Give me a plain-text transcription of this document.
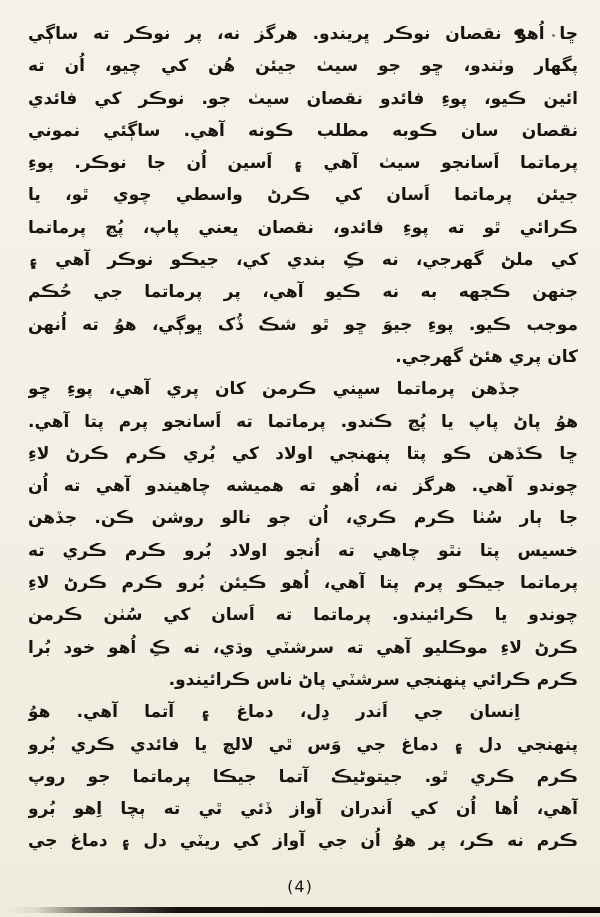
ڇا اُهو نقصان نوڪر ڀريندو. هرگز نه، پر نوڪر ته ساڳي
پگهار وٺندو، ڇو جو سيٺ جيئن هُن کي چيو، اُن ته
ائين ڪيو، پوءِ فائدو نقصان سيٺ جو. نوڪر کي فائدي
نقصان سان ڪوبه مطلب ڪونه آهي. ساڳئي نموني
پرماتما اَسانجو سيٺ آهي ۽ اَسين اُن جا نوڪر. پوءِ
جيئن پرماتما اَسان کي ڪرڻ واسطي چوي ٿو، يا
ڪرائي ٿو ته پوءِ فائدو، نقصان يعني پاپ، پُڃ پرماتما
کي ملڻ گهرجي، نه ڪِ بندي کي، جيڪو نوڪر آهي ۽
جنهن ڪجهه به نه ڪيو آهي، پر پرماتما جي حُڪم
موجب ڪيو. پوءِ جيوَ ڇو ٿو شڪ ڏُک ڀوڳي، هوُ ته اُنهن
کان پري هئڻ گهرجي.
جڏهن پرماتما سڀني ڪرمن کان پري آهي، پوءِ ڇو
هوُ پاڻ پاپ يا پُڃ ڪندو. پرماتما ته اَسانجو پرم پتا آهي.
ڇا ڪڏهن ڪو پتا پنهنجي اولاد کي بُري ڪرم ڪرڻ لاءِ
چوندو آهي. هرگز نه، اُهو ته هميشه چاهيندو آهي ته اُن
جا ٻار سُٺا ڪرم ڪري، اُن جو نالو روشن ڪن. جڏهن
خسيس پتا نٿو چاهي ته اُنجو اولاد بُرو ڪرم ڪري ته
پرماتما جيڪو پرم پتا آهي، اُهو ڪيئن بُرو ڪرم ڪرڻ لاءِ
چوندو يا ڪرائيندو. پرماتما ته اَسان کي سُٺن ڪرمن
ڪرڻ لاءِ موڪليو آهي ته سرشٽي وڌي، نه ڪِ اُهو خود بُرا
ڪرم ڪرائي پنهنجي سرشٽي پاڻ ناس ڪرائيندو.
اِنسان جي اَندر دِل، دماغ ۽ آتما آهي. هوُ
پنهنجي دل ۽ دماغ جي وَس ٿي لالچ يا فائدي ڪري بُرو
ڪرم ڪري ٿو. جيتوڻيڪ آتما جيڪا پرماتما جو روپ
آهي، اُها اُن کي اَندران آواز ڏئي ٿي ته ٻچا اِهو بُرو
ڪرم نه ڪر، پر هوُ اُن جي آواز کي ريٽي دل ۽ دماغ جي
(4)
